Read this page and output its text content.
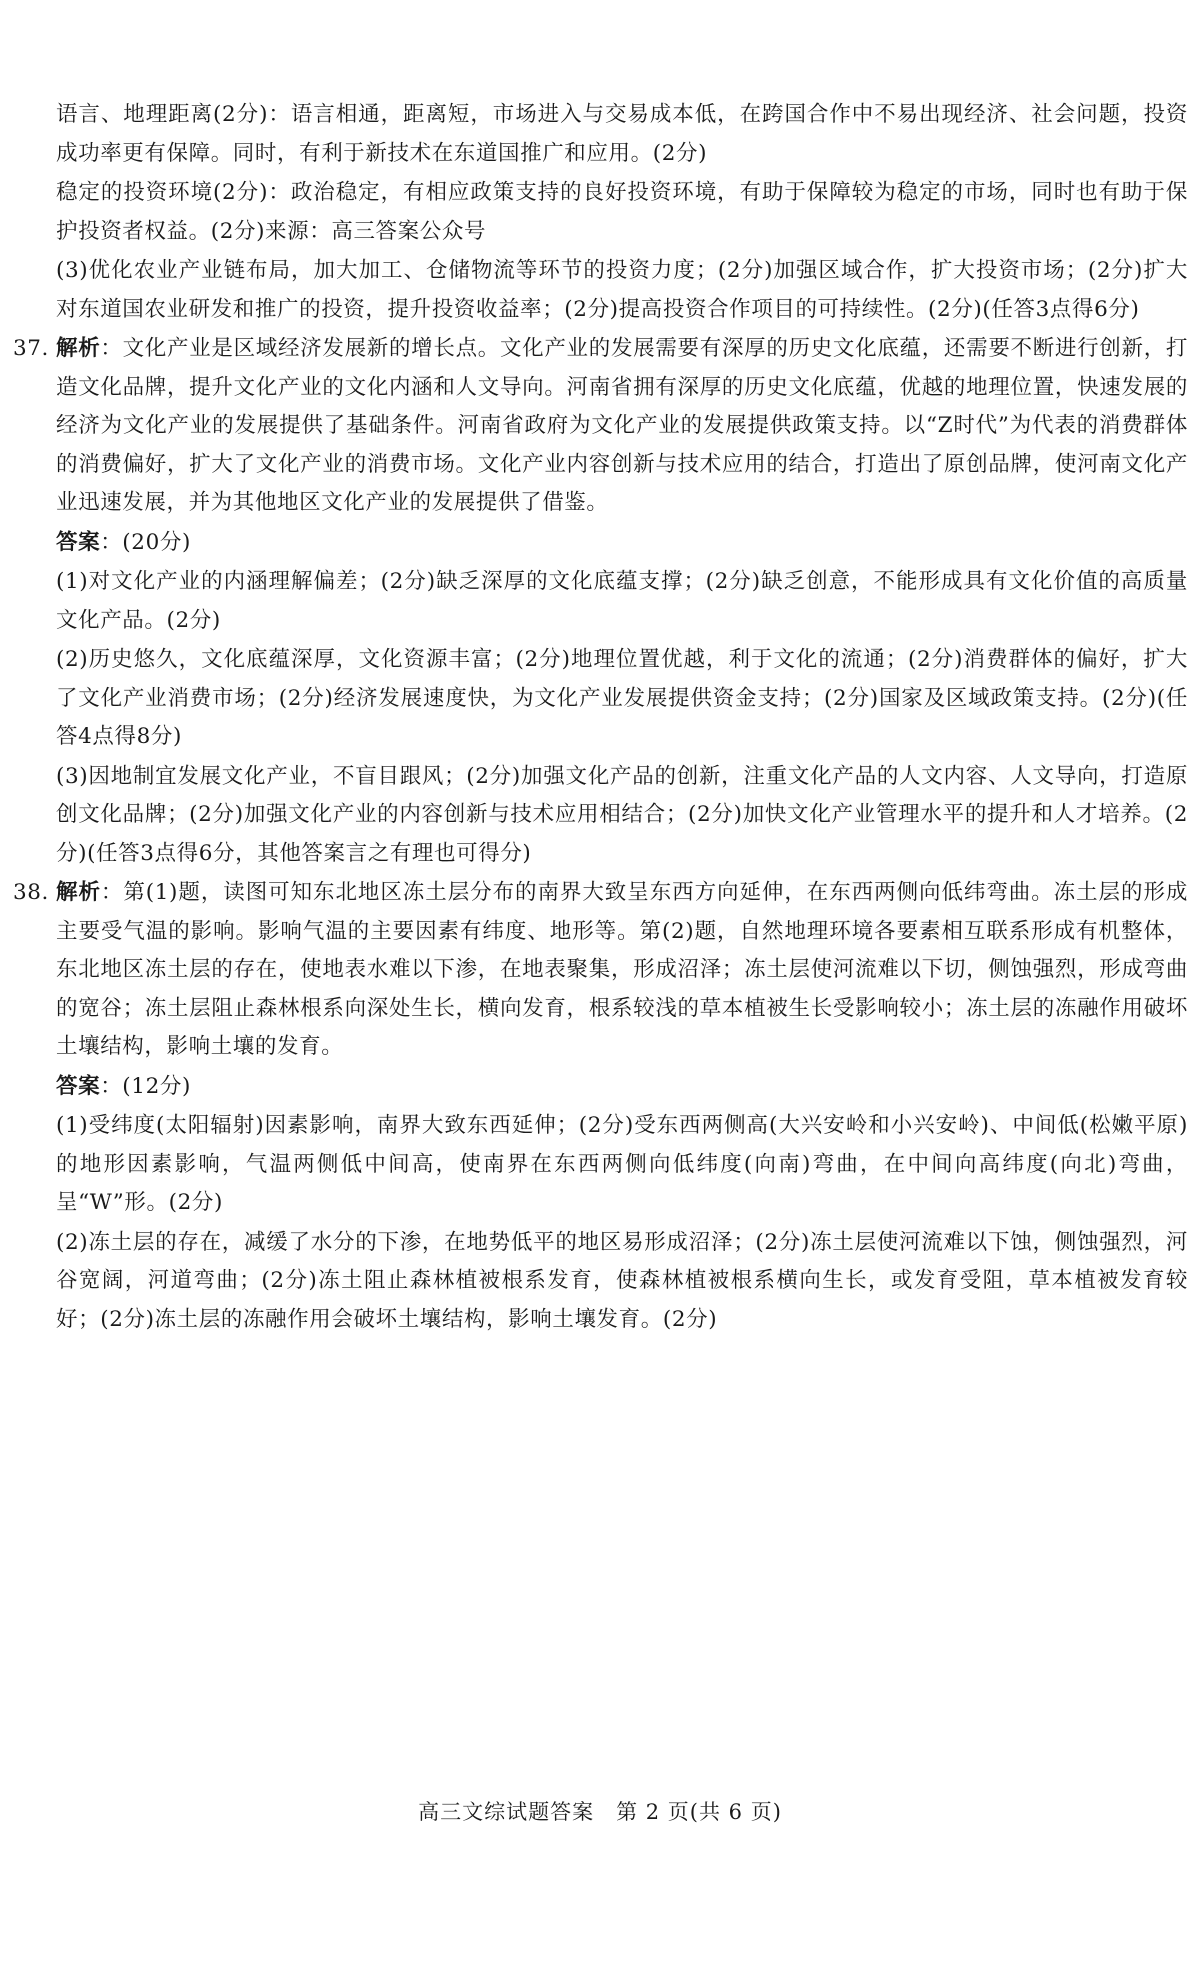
语言、地理距离(2分)：语言相通，距离短，市场进入与交易成本低，在跨国合作中不易出现经济、社会问题，投资成功率更有保障。同时，有利于新技术在东道国推广和应用。(2分)

稳定的投资环境(2分)：政治稳定，有相应政策支持的良好投资环境，有助于保障较为稳定的市场，同时也有助于保护投资者权益。(2分)来源：高三答案公众号

(3)优化农业产业链布局，加大加工、仓储物流等环节的投资力度；(2分)加强区域合作，扩大投资市场；(2分)扩大对东道国农业研发和推广的投资，提升投资收益率；(2分)提高投资合作项目的可持续性。(2分)(任答3点得6分)

37. 解析：文化产业是区域经济发展新的增长点。文化产业的发展需要有深厚的历史文化底蕴，还需要不断进行创新，打造文化品牌，提升文化产业的文化内涵和人文导向。河南省拥有深厚的历史文化底蕴，优越的地理位置，快速发展的经济为文化产业的发展提供了基础条件。河南省政府为文化产业的发展提供政策支持。以“Z时代”为代表的消费群体的消费偏好，扩大了文化产业的消费市场。文化产业内容创新与技术应用的结合，打造出了原创品牌，使河南文化产业迅速发展，并为其他地区文化产业的发展提供了借鉴。

答案：(20分)

(1)对文化产业的内涵理解偏差；(2分)缺乏深厚的文化底蕴支撑；(2分)缺乏创意，不能形成具有文化价值的高质量文化产品。(2分)

(2)历史悠久，文化底蕴深厚，文化资源丰富；(2分)地理位置优越，利于文化的流通；(2分)消费群体的偏好，扩大了文化产业消费市场；(2分)经济发展速度快，为文化产业发展提供资金支持；(2分)国家及区域政策支持。(2分)(任答4点得8分)

(3)因地制宜发展文化产业，不盲目跟风；(2分)加强文化产品的创新，注重文化产品的人文内容、人文导向，打造原创文化品牌；(2分)加强文化产业的内容创新与技术应用相结合；(2分)加快文化产业管理水平的提升和人才培养。(2分)(任答3点得6分，其他答案言之有理也可得分)

38. 解析：第(1)题，读图可知东北地区冻土层分布的南界大致呈东西方向延伸，在东西两侧向低纬弯曲。冻土层的形成主要受气温的影响。影响气温的主要因素有纬度、地形等。第(2)题，自然地理环境各要素相互联系形成有机整体，东北地区冻土层的存在，使地表水难以下渗，在地表聚集，形成沼泽；冻土层使河流难以下切，侧蚀强烈，形成弯曲的宽谷；冻土层阻止森林根系向深处生长，横向发育，根系较浅的草本植被生长受影响较小；冻土层的冻融作用破坏土壤结构，影响土壤的发育。

答案：(12分)

(1)受纬度(太阳辐射)因素影响，南界大致东西延伸；(2分)受东西两侧高(大兴安岭和小兴安岭)、中间低(松嫩平原)的地形因素影响，气温两侧低中间高，使南界在东西两侧向低纬度(向南)弯曲，在中间向高纬度(向北)弯曲，呈“W”形。(2分)

(2)冻土层的存在，减缓了水分的下渗，在地势低平的地区易形成沼泽；(2分)冻土层使河流难以下蚀，侧蚀强烈，河谷宽阔，河道弯曲；(2分)冻土阻止森林植被根系发育，使森林植被根系横向生长，或发育受阻，草本植被发育较好；(2分)冻土层的冻融作用会破坏土壤结构，影响土壤发育。(2分)

高三文综试题答案　第 2 页(共 6 页)
